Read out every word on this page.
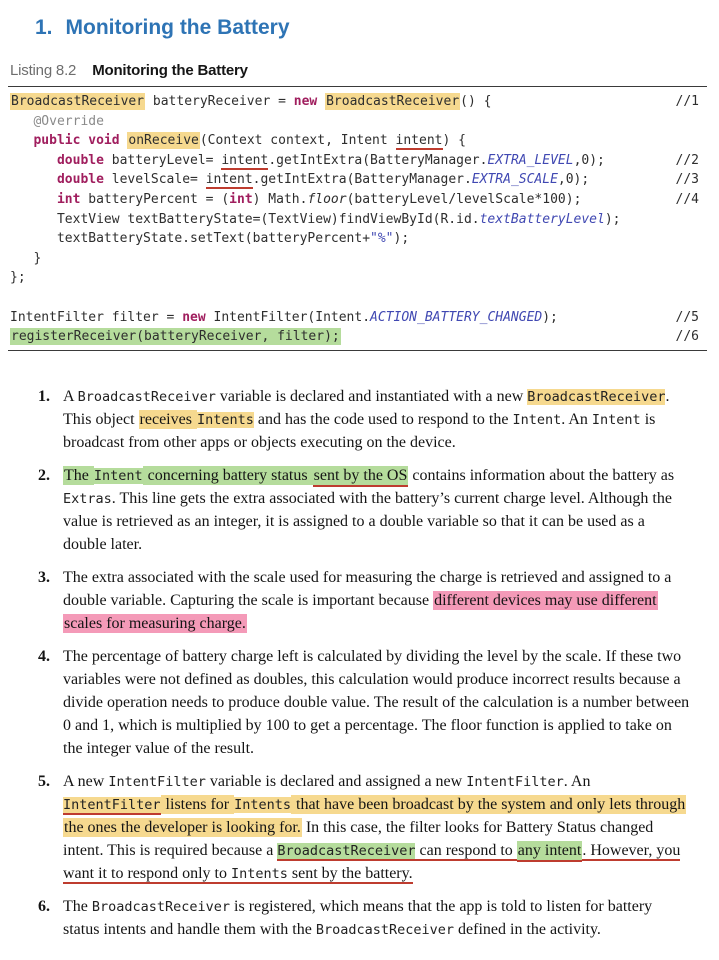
1. Monitoring the Battery
Listing 8.2 Monitoring the Battery
BroadcastReceiver batteryReceiver = new BroadcastReceiver() {	//1
@Override
public void onReceive(Context context, Intent intent) {
double batteryLevel= intent.getIntExtra(BatteryManager.EXTRA_LEVEL,0);	//2
double levelScale= intent.getIntExtra(BatteryManager.EXTRA_SCALE,0);	//3
int batteryPercent = (int) Math.floor(batteryLevel/levelScale*100);	//4
TextView textBatteryState=(TextView)findViewById(R.id.textBatteryLevel);
textBatteryState.setText(batteryPercent+"%");
}
};

IntentFilter filter = new IntentFilter(Intent.ACTION_BATTERY_CHANGED);	//5
registerReceiver(batteryReceiver, filter);	//6
1. A BroadcastReceiver variable is declared and instantiated with a new BroadcastReceiver. This object receives Intents and has the code used to respond to the Intent. An Intent is broadcast from other apps or objects executing on the device.
2. The Intent concerning battery status sent by the OS contains information about the battery as Extras. This line gets the extra associated with the battery’s current charge level. Although the value is retrieved as an integer, it is assigned to a double variable so that it can be used as a double later.
3. The extra associated with the scale used for measuring the charge is retrieved and assigned to a double variable. Capturing the scale is important because different devices may use different scales for measuring charge.
4. The percentage of battery charge left is calculated by dividing the level by the scale. If these two variables were not defined as doubles, this calculation would produce incorrect results because a divide operation needs to produce double value. The result of the calculation is a number between 0 and 1, which is multiplied by 100 to get a percentage. The floor function is applied to take on the integer value of the result.
5. A new IntentFilter variable is declared and assigned a new IntentFilter. An IntentFilter listens for Intents that have been broadcast by the system and only lets through the ones the developer is looking for. In this case, the filter looks for Battery Status changed intent. This is required because a BroadcastReceiver can respond to any intent. However, you want it to respond only to Intents sent by the battery.
6. The BroadcastReceiver is registered, which means that the app is told to listen for battery status intents and handle them with the BroadcastReceiver defined in the activity.
